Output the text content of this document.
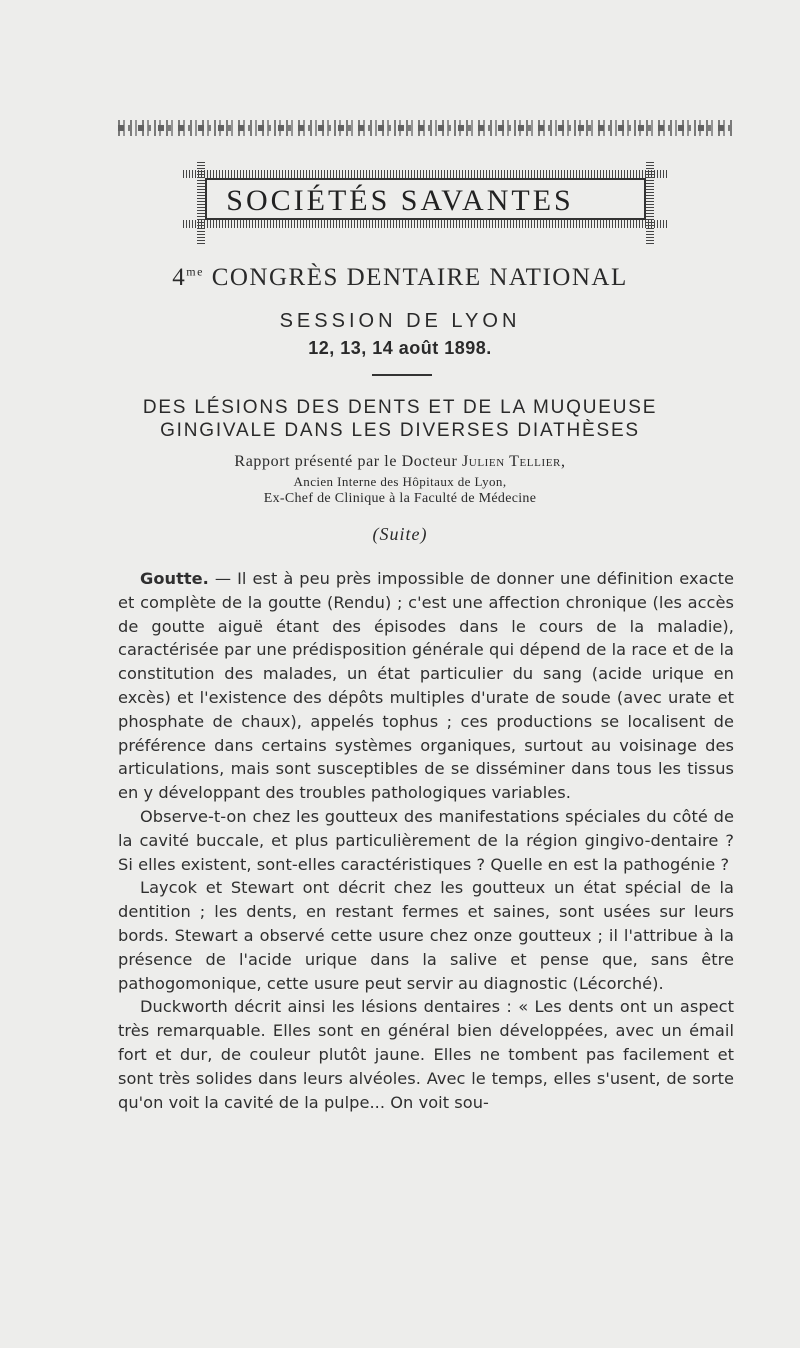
SOCIÉTÉS SAVANTES
$4^{me}$ CONGRÈS DENTAIRE NATIONAL
SESSION DE LYON
12, 13, 14 août 1898.
DES LÉSIONS DES DENTS ET DE LA MUQUEUSE
GINGIVALE DANS LES DIVERSES DIATHÈSES
Rapport présenté par le Docteur Julien Tellier,
Ancien Interne des Hôpitaux de Lyon,
Ex-Chef de Clinique à la Faculté de Médecine
(Suite)

Goutte. — Il est à peu près impossible de donner une définition exacte et complète de la goutte (Rendu) ; c'est une affection chronique (les accès de goutte aiguë étant des épisodes dans le cours de la maladie), caractérisée par une prédisposition générale qui dépend de la race et de la constitution des malades, un état particulier du sang (acide urique en excès) et l'existence des dépôts multiples d'urate de soude (avec urate et phosphate de chaux), appelés tophus ; ces productions se localisent de préférence dans certains systèmes organiques, surtout au voisinage des articulations, mais sont susceptibles de se disséminer dans tous les tissus en y développant des troubles pathologiques variables.

Observe-t-on chez les goutteux des manifestations spéciales du côté de la cavité buccale, et plus particulièrement de la région gingivo-dentaire ? Si elles existent, sont-elles caractéristiques ? Quelle en est la pathogénie ?

Laycok et Stewart ont décrit chez les goutteux un état spécial de la dentition ; les dents, en restant fermes et saines, sont usées sur leurs bords. Stewart a observé cette usure chez onze goutteux ; il l'attribue à la présence de l'acide urique dans la salive et pense que, sans être pathogomonique, cette usure peut servir au diagnostic (Lécorché).

Duckworth décrit ainsi les lésions dentaires : « Les dents ont un aspect très remarquable. Elles sont en général bien développées, avec un émail fort et dur, de couleur plutôt jaune. Elles ne tombent pas facilement et sont très solides dans leurs alvéoles. Avec le temps, elles s'usent, de sorte qu'on voit la cavité de la pulpe... On voit sou-
